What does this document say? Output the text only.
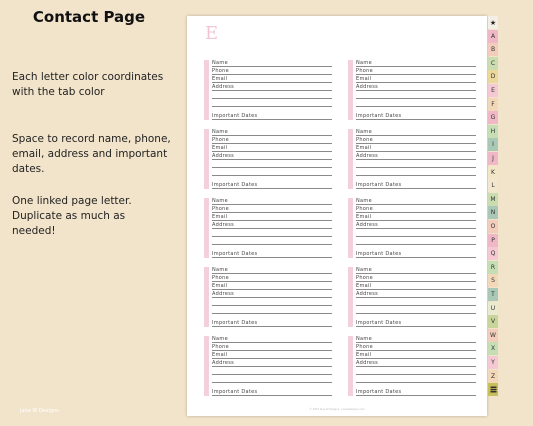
Contact Page
Each letter color coordinates with the tab color
Space to record name, phone, email, address and important dates.
One linked page letter. Duplicate as much as needed!
Jane W Designs
E
Name
Phone
Email
Address
Important Dates
Name
Phone
Email
Address
Important Dates
Name
Phone
Email
Address
Important Dates
Name
Phone
Email
Address
Important Dates
Name
Phone
Email
Address
Important Dates
Name
Phone
Email
Address
Important Dates
Name
Phone
Email
Address
Important Dates
Name
Phone
Email
Address
Important Dates
Name
Phone
Email
Address
Important Dates
Name
Phone
Email
Address
Important Dates
© 2023 Jane W Designs · janewdesigns.com
★
A
B
C
D
E
F
G
H
I
J
K
L
M
N
O
P
Q
R
S
T
U
V
W
X
Y
Z
